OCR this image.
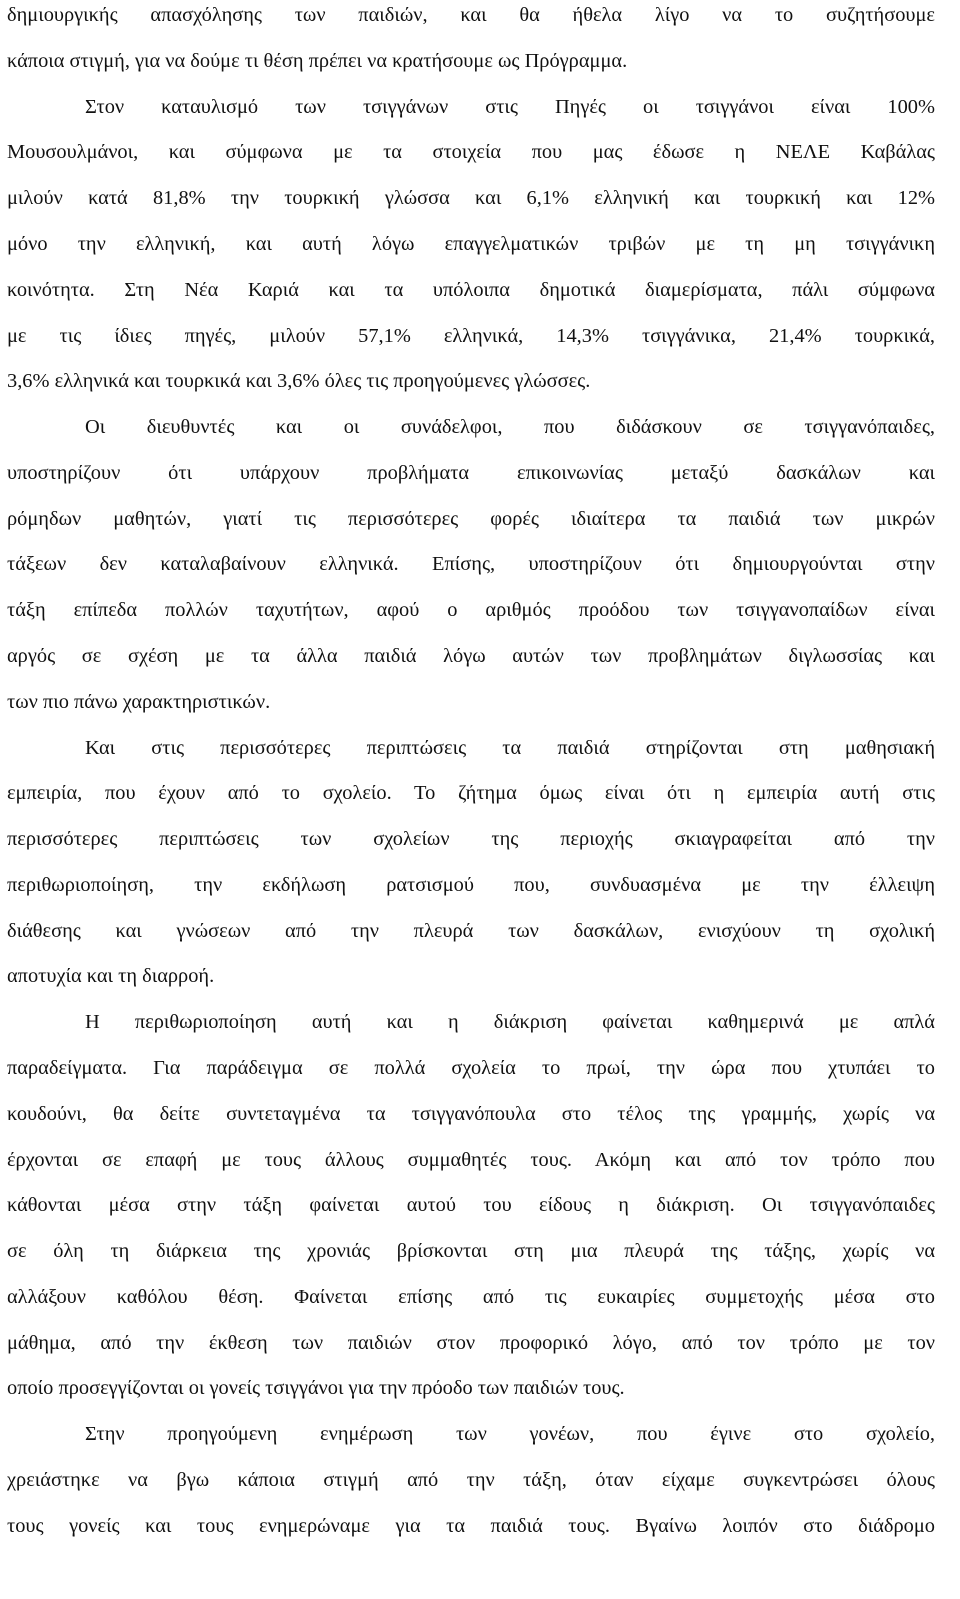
δημιουργικής απασχόλησης των παιδιών, και θα ήθελα λίγο να το συζητήσουμε
κάποια στιγμή, για να δούμε τι θέση πρέπει να κρατήσουμε ως Πρόγραμμα.
Στον καταυλισμό των τσιγγάνων στις Πηγές οι τσιγγάνοι είναι 100%
Μουσουλμάνοι, και σύμφωνα με τα στοιχεία που μας έδωσε η ΝΕΛΕ Καβάλας
μιλούν κατά 81,8% την τουρκική γλώσσα και 6,1% ελληνική και τουρκική και 12%
μόνο την ελληνική, και αυτή λόγω επαγγελματικών τριβών με τη μη τσιγγάνικη
κοινότητα. Στη Νέα Καριά και τα υπόλοιπα δημοτικά διαμερίσματα, πάλι σύμφωνα
με τις ίδιες πηγές, μιλούν 57,1% ελληνικά, 14,3% τσιγγάνικα, 21,4% τουρκικά,
3,6% ελληνικά και τουρκικά και 3,6% όλες τις προηγούμενες γλώσσες.
Οι διευθυντές και οι συνάδελφοι, που διδάσκουν σε τσιγγανόπαιδες,
υποστηρίζουν ότι υπάρχουν προβλήματα επικοινωνίας μεταξύ δασκάλων και
ρόμηδων μαθητών, γιατί τις περισσότερες φορές ιδιαίτερα τα παιδιά των μικρών
τάξεων δεν καταλαβαίνουν ελληνικά. Επίσης, υποστηρίζουν ότι δημιουργούνται στην
τάξη επίπεδα πολλών ταχυτήτων, αφού ο αριθμός προόδου των τσιγγανοπαίδων είναι
αργός σε σχέση με τα άλλα παιδιά λόγω αυτών των προβλημάτων διγλωσσίας και
των πιο πάνω χαρακτηριστικών.
Και στις περισσότερες περιπτώσεις τα παιδιά στηρίζονται στη μαθησιακή
εμπειρία, που έχουν από το σχολείο. Το ζήτημα όμως είναι ότι η εμπειρία αυτή στις
περισσότερες περιπτώσεις των σχολείων της περιοχής σκιαγραφείται από την
περιθωριοποίηση, την εκδήλωση ρατσισμού που, συνδυασμένα με την έλλειψη
διάθεσης και γνώσεων από την πλευρά των δασκάλων, ενισχύουν τη σχολική
αποτυχία και τη διαρροή.
Η περιθωριοποίηση αυτή και η διάκριση φαίνεται καθημερινά με απλά
παραδείγματα. Για παράδειγμα σε πολλά σχολεία το πρωί, την ώρα που χτυπάει το
κουδούνι, θα δείτε συντεταγμένα τα τσιγγανόπουλα στο τέλος της γραμμής, χωρίς να
έρχονται σε επαφή με τους άλλους συμμαθητές τους. Ακόμη και από τον τρόπο που
κάθονται μέσα στην τάξη φαίνεται αυτού του είδους η διάκριση. Οι τσιγγανόπαιδες
σε όλη τη διάρκεια της χρονιάς βρίσκονται στη μια πλευρά της τάξης, χωρίς να
αλλάξουν καθόλου θέση. Φαίνεται επίσης από τις ευκαιρίες συμμετοχής μέσα στο
μάθημα, από την έκθεση των παιδιών στον προφορικό λόγο, από τον τρόπο με τον
οποίο προσεγγίζονται οι γονείς τσιγγάνοι για την πρόοδο των παιδιών τους.
Στην προηγούμενη ενημέρωση των γονέων, που έγινε στο σχολείο,
χρειάστηκε να βγω κάποια στιγμή από την τάξη, όταν είχαμε συγκεντρώσει όλους
τους γονείς και τους ενημερώναμε για τα παιδιά τους. Βγαίνω λοιπόν στο διάδρομο
